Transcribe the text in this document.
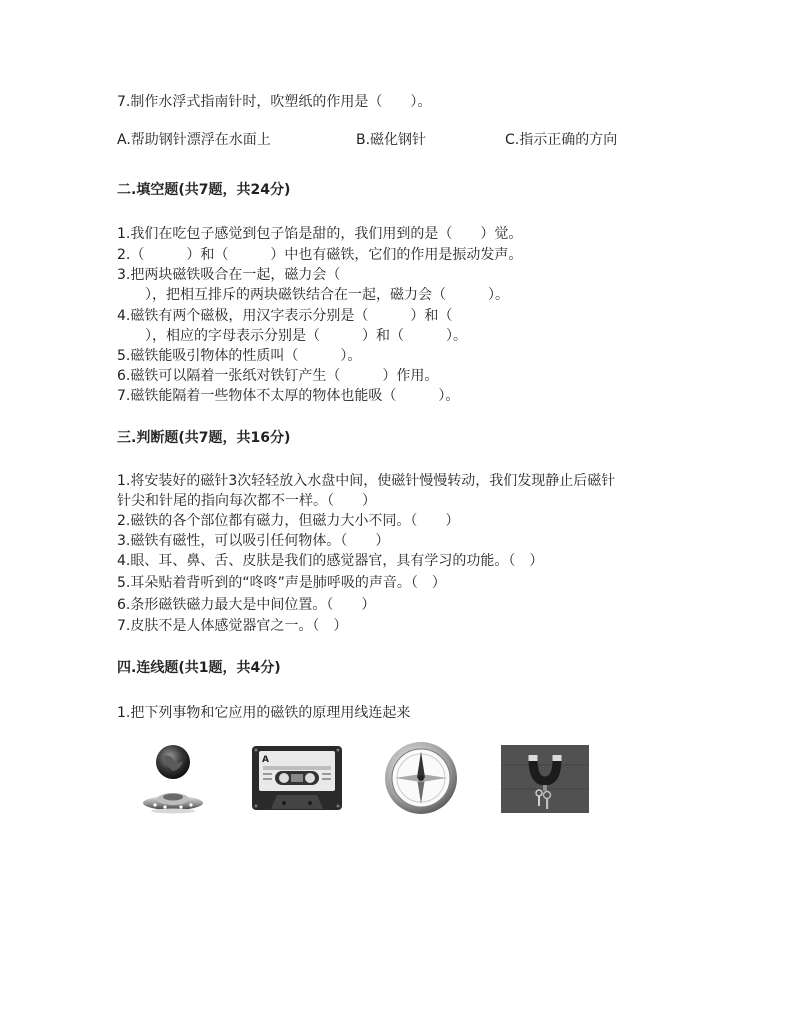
7.制作水浮式指南针时，吹塑纸的作用是（　　）。
A.帮助钢针漂浮在水面上	B.磁化钢针	C.指示正确的方向
二.填空题(共7题，共24分)
1.我们在吃包子感觉到包子馅是甜的，我们用到的是（　　）觉。
2.（　　　）和（　　　）中也有磁铁，它们的作用是振动发声。
3.把两块磁铁吸合在一起，磁力会（
　　），把相互排斥的两块磁铁结合在一起，磁力会（　　　）。
4.磁铁有两个磁极，用汉字表示分别是（　　　）和（
　　），相应的字母表示分别是（　　　）和（　　　）。
5.磁铁能吸引物体的性质叫（　　　）。
6.磁铁可以隔着一张纸对铁钉产生（　　　）作用。
7.磁铁能隔着一些物体不太厚的物体也能吸（　　　）。
三.判断题(共7题，共16分)
1.将安装好的磁针3次轻轻放入水盘中间，使磁针慢慢转动，我们发现静止后磁针
针尖和针尾的指向每次都不一样。（　　）
2.磁铁的各个部位都有磁力，但磁力大小不同。（　　）
3.磁铁有磁性，可以吸引任何物体。（　　）
4.眼、耳、鼻、舌、皮肤是我们的感觉器官，具有学习的功能。（　）
5.耳朵贴着背听到的“咚咚”声是肺呼吸的声音。（　）
6.条形磁铁磁力最大是中间位置。（　　）
7.皮肤不是人体感觉器官之一。（　）
四.连线题(共1题，共4分)
1.把下列事物和它应用的磁铁的原理用线连起来
A
